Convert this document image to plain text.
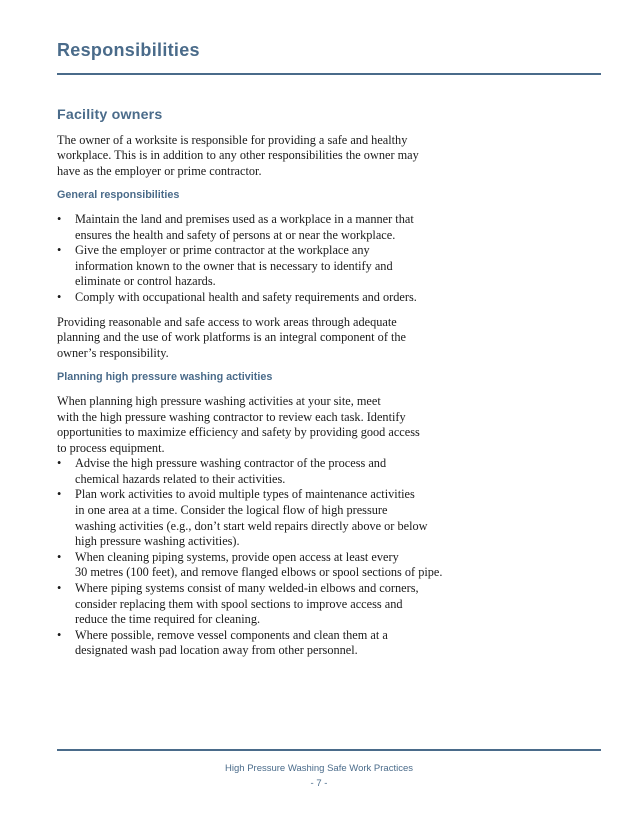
Responsibilities
Facility owners

The owner of a worksite is responsible for providing a safe and healthy
workplace. This is in addition to any other responsibilities the owner may
have as the employer or prime contractor.

General responsibilities
• Maintain the land and premises used as a workplace in a manner that
ensures the health and safety of persons at or near the workplace.
• Give the employer or prime contractor at the workplace any
information known to the owner that is necessary to identify and
eliminate or control hazards.
• Comply with occupational health and safety requirements and orders.

Providing reasonable and safe access to work areas through adequate
planning and the use of work platforms is an integral component of the
owner’s responsibility.

Planning high pressure washing activities

When planning high pressure washing activities at your site, meet
with the high pressure washing contractor to review each task. Identify
opportunities to maximize efficiency and safety by providing good access
to process equipment.

• Advise the high pressure washing contractor of the process and
chemical hazards related to their activities.
• Plan work activities to avoid multiple types of maintenance activities
in one area at a time. Consider the logical flow of high pressure
washing activities (e.g., don’t start weld repairs directly above or below
high pressure washing activities).
• When cleaning piping systems, provide open access at least every
30 metres (100 feet), and remove flanged elbows or spool sections of pipe.
• Where piping systems consist of many welded-in elbows and corners,
consider replacing them with spool sections to improve access and
reduce the time required for cleaning.
• Where possible, remove vessel components and clean them at a
designated wash pad location away from other personnel.
High Pressure Washing Safe Work Practices
- 7 -
